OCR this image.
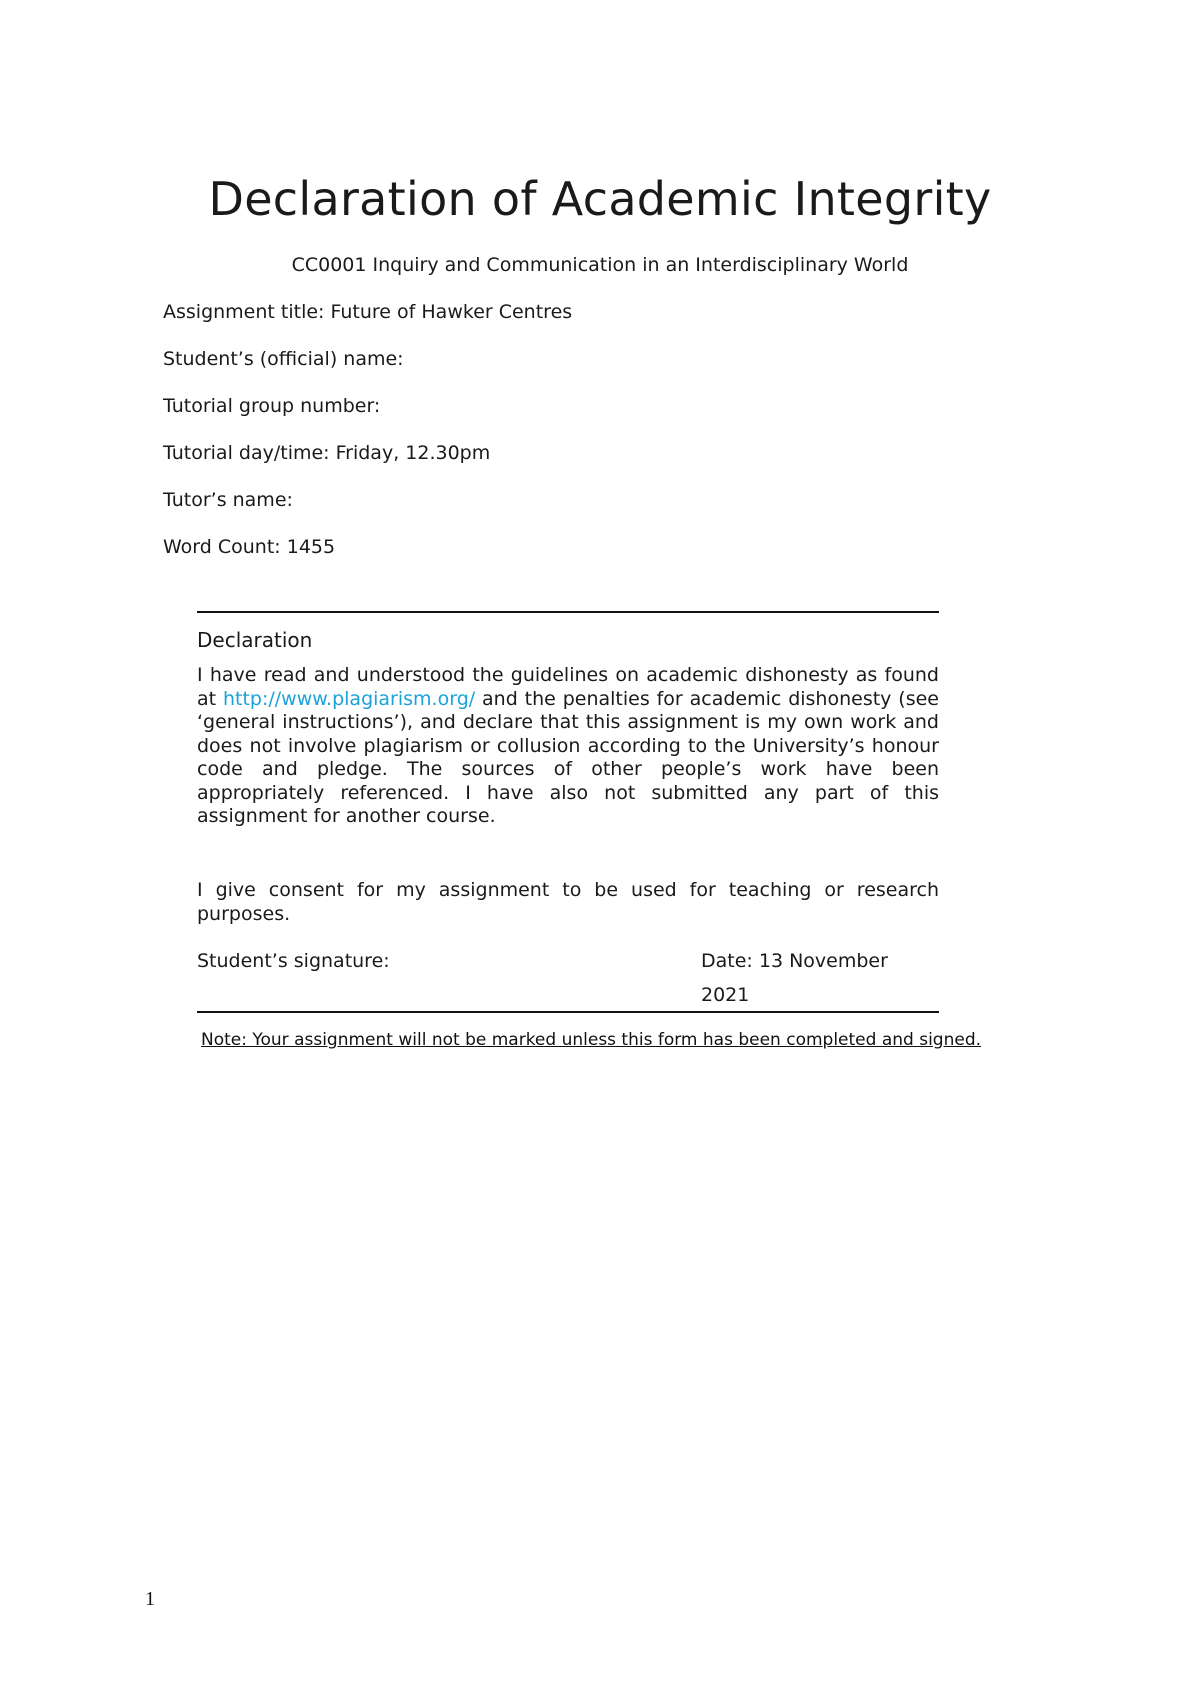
Declaration of Academic Integrity
CC0001 Inquiry and Communication in an Interdisciplinary World
Assignment title: Future of Hawker Centres
Student’s (official) name:
Tutorial group number:
Tutorial day/time: Friday, 12.30pm
Tutor’s name:
Word Count: 1455
Declaration
I have read and understood the guidelines on academic dishonesty as found at http://www.plagiarism.org/ and the penalties for academic dishonesty (see ‘general instructions’), and declare that this assignment is my own work and does not involve plagiarism or collusion according to the University’s honour code and pledge. The sources of other people’s work have been appropriately referenced. I have also not submitted any part of this assignment for another course.
I give consent for my assignment to be used for teaching or research purposes.
Student’s signature:	Date: 13 November 2021
Note: Your assignment will not be marked unless this form has been completed and signed.
1
